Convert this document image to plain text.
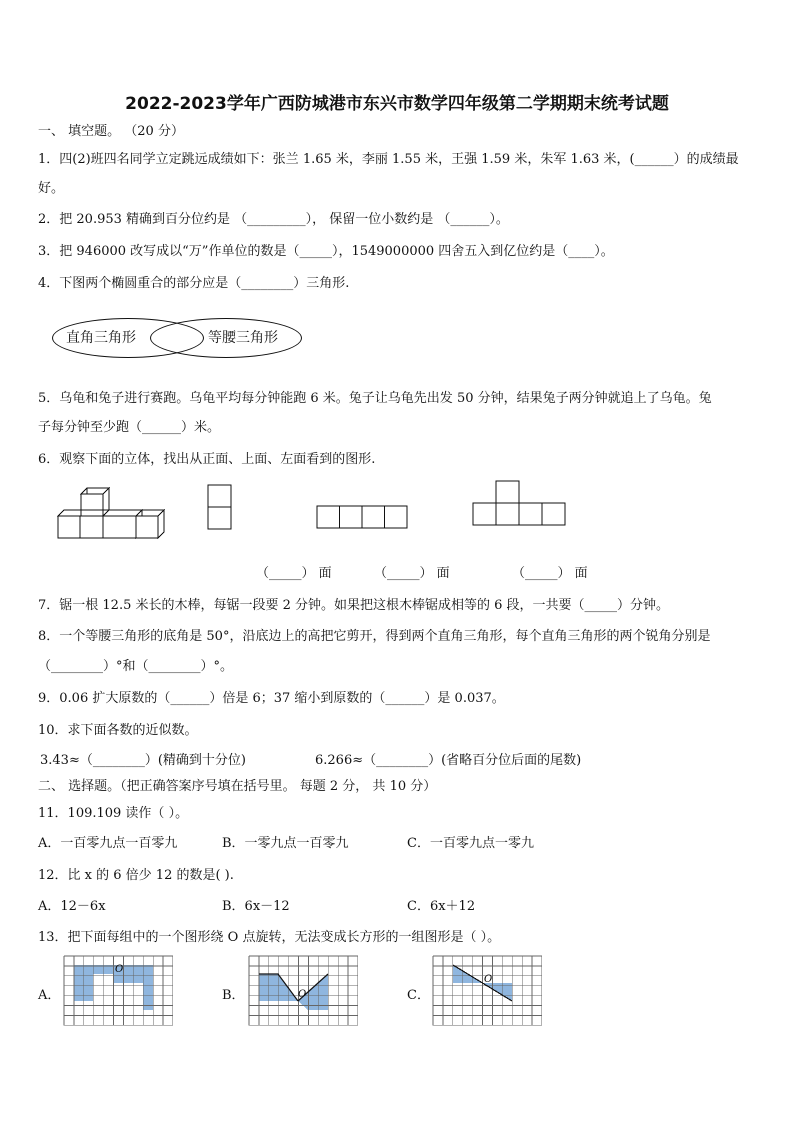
2022-2023学年广西防城港市东兴市数学四年级第二学期期末统考试题
一、 填空题。 （20 分）
1．四(2)班四名同学立定跳远成绩如下：张兰 1.65 米，李丽 1.55 米，王强 1.59 米，朱军 1.63 米，(______）的成绩最
好。
2．把 20.953 精确到百分位约是 （_________）， 保留一位小数约是 （______）。
3．把 946000 改写成以“万”作单位的数是（_____），1549000000 四舍五入到亿位约是（____）。
4．下图两个椭圆重合的部分应是（________）三角形.
直角三角形	等腰三角形
5．乌龟和兔子进行赛跑。乌龟平均每分钟能跑 6 米。兔子让乌龟先出发 50 分钟，结果兔子两分钟就追上了乌龟。兔
子每分钟至少跑（______）米。
6．观察下面的立体，找出从正面、上面、左面看到的图形.
（_____） 面	（_____） 面	（_____） 面
7．锯一根 12.5 米长的木棒，每锯一段要 2 分钟。如果把这根木棒锯成相等的 6 段，一共要（_____）分钟。
8．一个等腰三角形的底角是 50°，沿底边上的高把它剪开，得到两个直角三角形，每个直角三角形的两个锐角分别是
（________）°和（________）°。
9．0.06 扩大原数的（______）倍是 6；37 缩小到原数的（______）是 0.037。
10．求下面各数的近似数。
3.43≈（________）(精确到十分位)	6.266≈（________）(省略百分位后面的尾数)
二、 选择题。（把正确答案序号填在括号里。 每题 2 分， 共 10 分）
11．109.109 读作（ ）。
A．一百零九点一百零九	B．一零九点一百零九	C．一百零九点一零九
12．比 x 的 6 倍少 12 的数是( ).
A．12－6x	B．6x－12	C．6x＋12
13．把下面每组中的一个图形绕 O 点旋转，无法变成长方形的一组图形是（ ）。
A．	B．	C．
O
O
O
